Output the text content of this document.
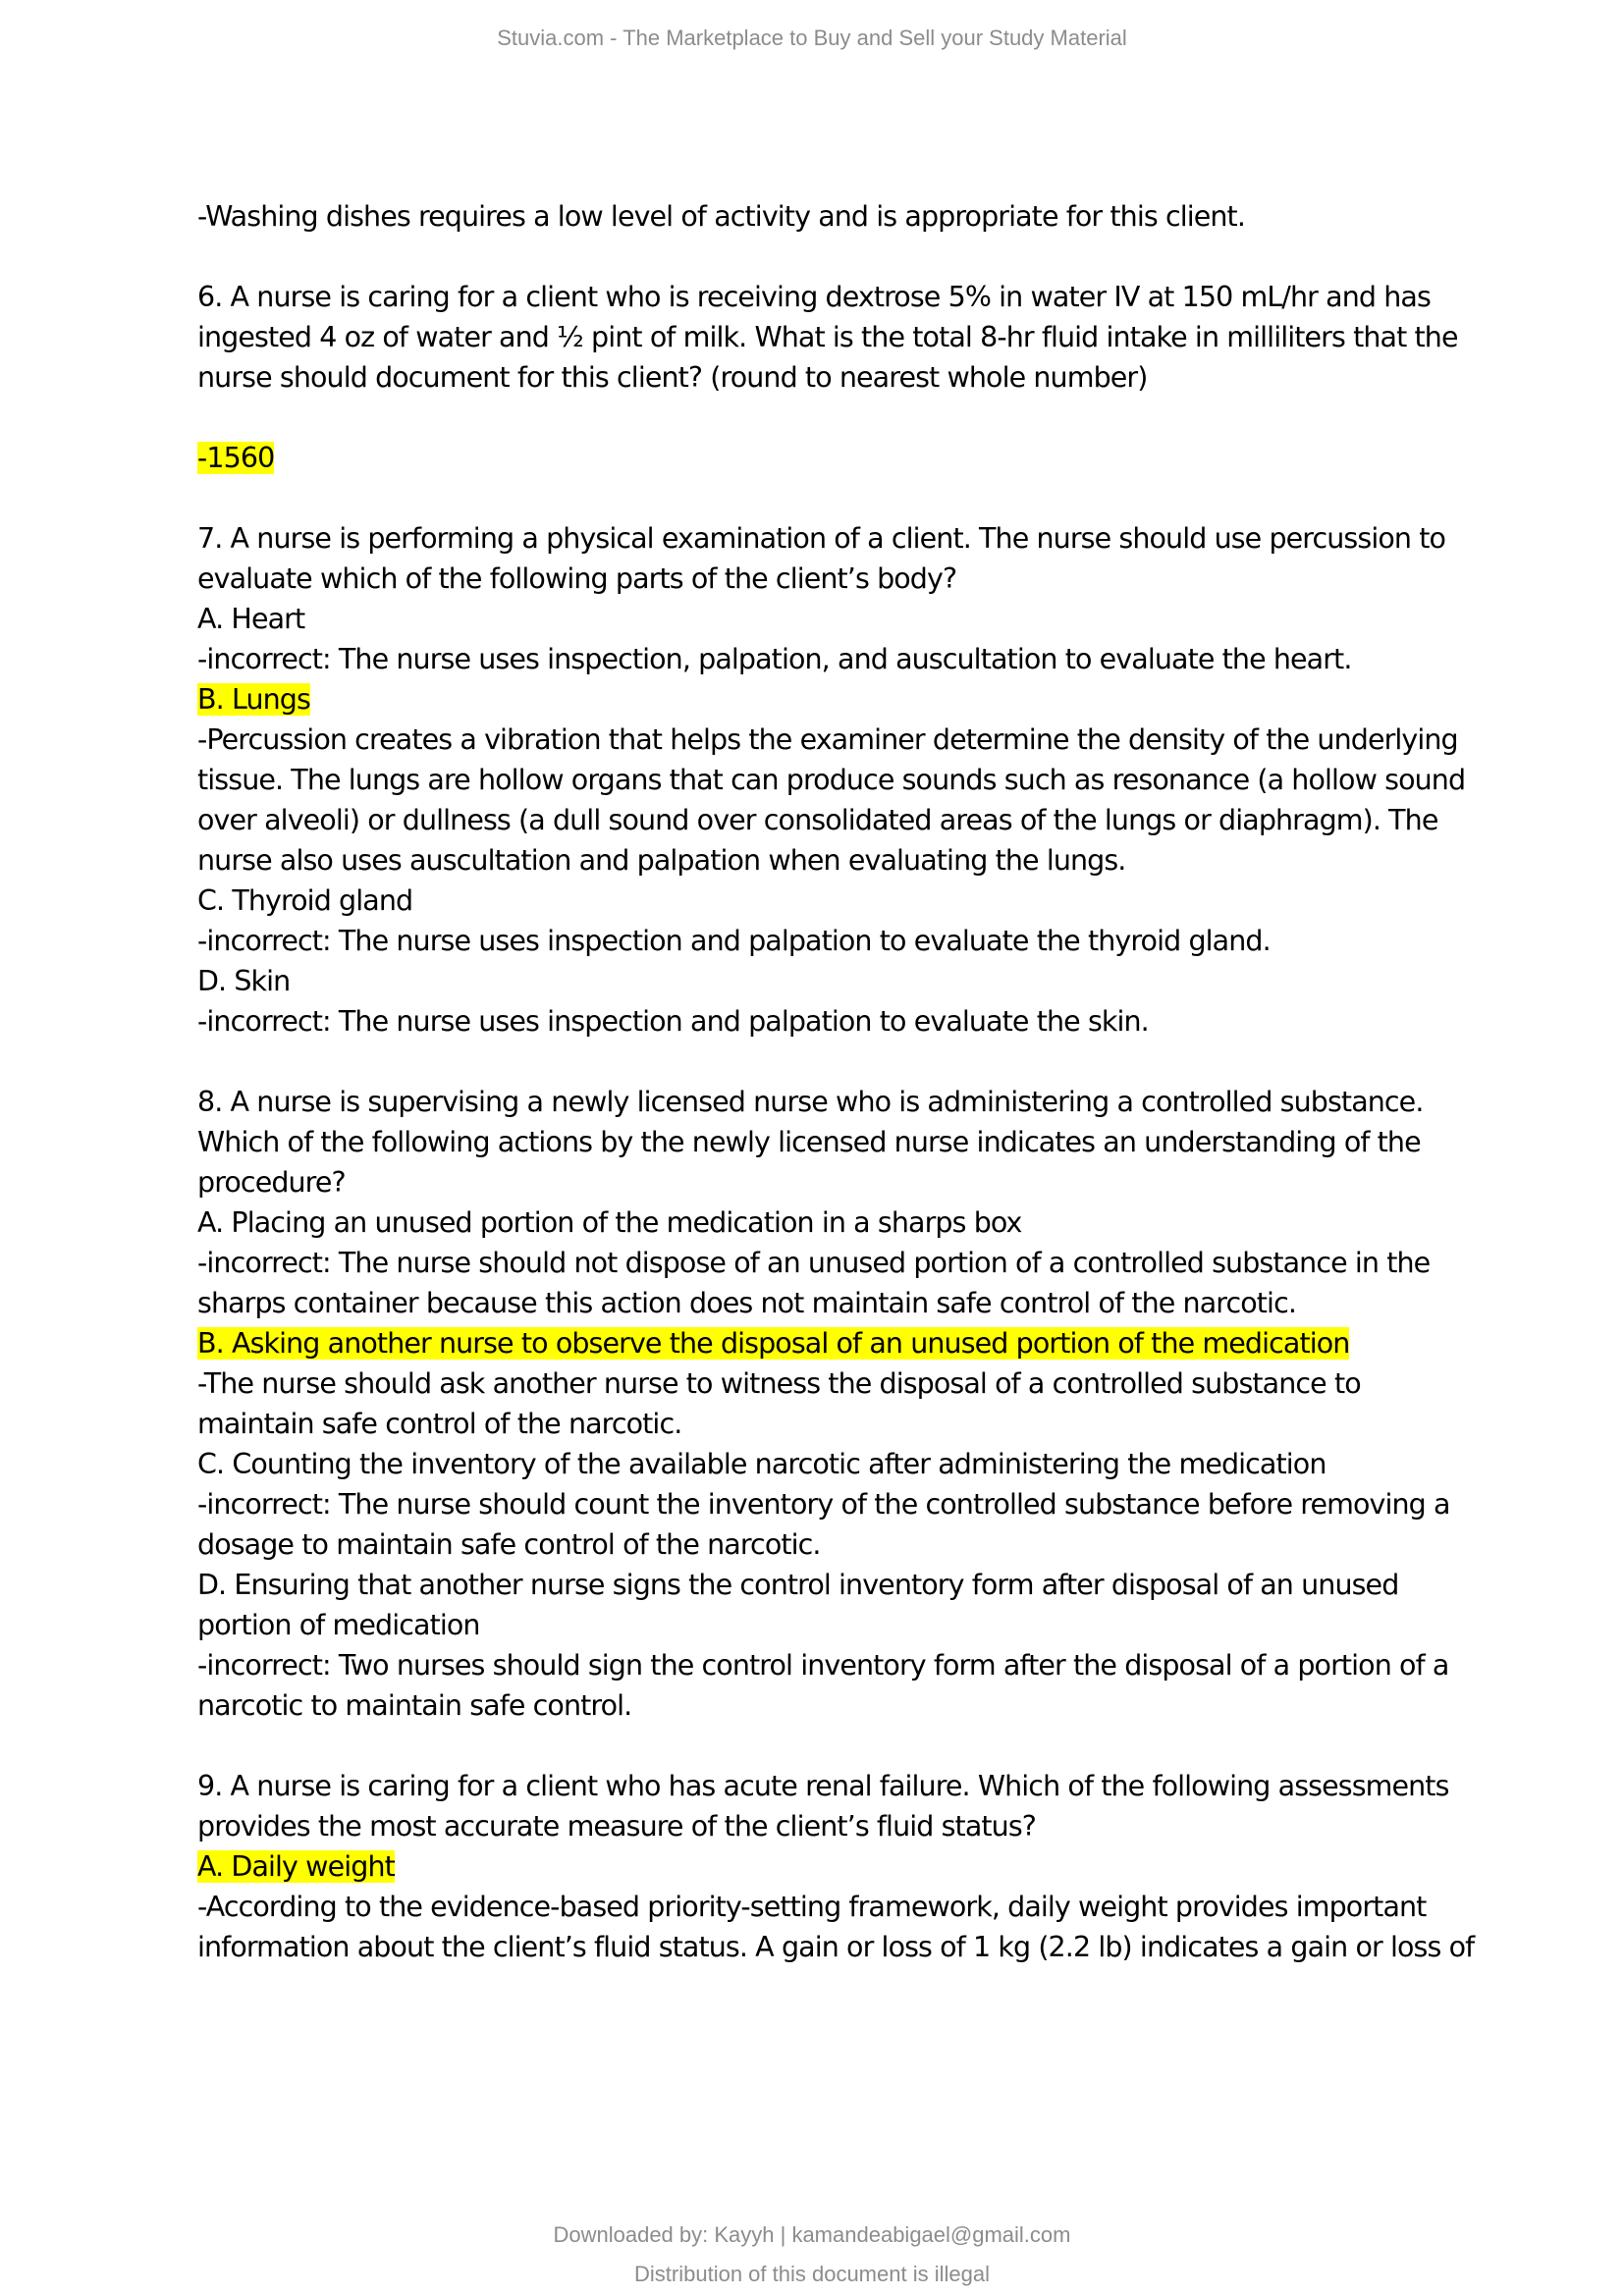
Stuvia.com - The Marketplace to Buy and Sell your Study Material
-Washing dishes requires a low level of activity and is appropriate for this client.
6. A nurse is caring for a client who is receiving dextrose 5% in water IV at 150 mL/hr and has
ingested 4 oz of water and ½ pint of milk. What is the total 8-hr fluid intake in milliliters that the
nurse should document for this client? (round to nearest whole number)
-1560
7. A nurse is performing a physical examination of a client. The nurse should use percussion to
evaluate which of the following parts of the client’s body?
A. Heart
-incorrect: The nurse uses inspection, palpation, and auscultation to evaluate the heart.
B. Lungs
-Percussion creates a vibration that helps the examiner determine the density of the underlying
tissue. The lungs are hollow organs that can produce sounds such as resonance (a hollow sound
over alveoli) or dullness (a dull sound over consolidated areas of the lungs or diaphragm). The
nurse also uses auscultation and palpation when evaluating the lungs.
C. Thyroid gland
-incorrect: The nurse uses inspection and palpation to evaluate the thyroid gland.
D. Skin
-incorrect: The nurse uses inspection and palpation to evaluate the skin.
8. A nurse is supervising a newly licensed nurse who is administering a controlled substance.
Which of the following actions by the newly licensed nurse indicates an understanding of the
procedure?
A. Placing an unused portion of the medication in a sharps box
-incorrect: The nurse should not dispose of an unused portion of a controlled substance in the
sharps container because this action does not maintain safe control of the narcotic.
B. Asking another nurse to observe the disposal of an unused portion of the medication
-The nurse should ask another nurse to witness the disposal of a controlled substance to
maintain safe control of the narcotic.
C. Counting the inventory of the available narcotic after administering the medication
-incorrect: The nurse should count the inventory of the controlled substance before removing a
dosage to maintain safe control of the narcotic.
D. Ensuring that another nurse signs the control inventory form after disposal of an unused
portion of medication
-incorrect: Two nurses should sign the control inventory form after the disposal of a portion of a
narcotic to maintain safe control.
9. A nurse is caring for a client who has acute renal failure. Which of the following assessments
provides the most accurate measure of the client’s fluid status?
A. Daily weight
-According to the evidence-based priority-setting framework, daily weight provides important
information about the client’s fluid status. A gain or loss of 1 kg (2.2 lb) indicates a gain or loss of
Downloaded by: Kayyh | kamandeabigael@gmail.com
Distribution of this document is illegal
